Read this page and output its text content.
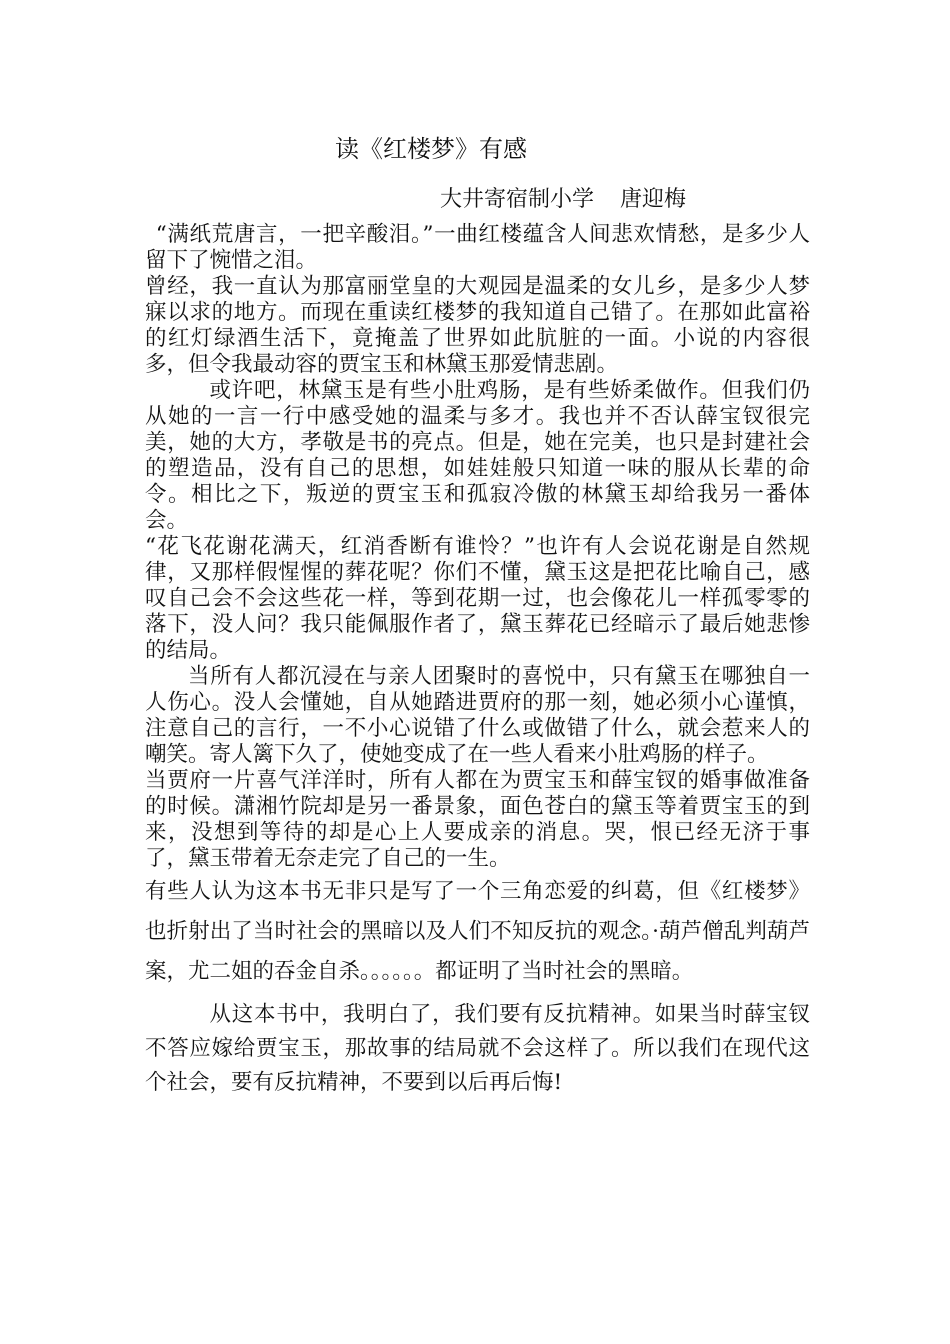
读《红楼梦》有感
大井寄宿制小学 唐迎梅

“满纸荒唐言，一把辛酸泪。”一曲红楼蕴含人间悲欢情愁，是多少人留下了惋惜之泪。

曾经，我一直认为那富丽堂皇的大观园是温柔的女儿乡，是多少人梦寐以求的地方。而现在重读红楼梦的我知道自己错了。在那如此富裕的红灯绿酒生活下，竟掩盖了世界如此肮脏的一面。小说的内容很多，但令我最动容的贾宝玉和林黛玉那爱情悲剧。

或许吧，林黛玉是有些小肚鸡肠，是有些娇柔做作。但我们仍从她的一言一行中感受她的温柔与多才。我也并不否认薛宝钗很完美，她的大方，孝敬是书的亮点。但是，她在完美，也只是封建社会的塑造品，没有自己的思想，如娃娃般只知道一味的服从长辈的命令。相比之下，叛逆的贾宝玉和孤寂冷傲的林黛玉却给我另一番体会。

“花飞花谢花满天，红消香断有谁怜？”也许有人会说花谢是自然规律，又那样假惺惺的葬花呢？你们不懂，黛玉这是把花比喻自己，感叹自己会不会这些花一样，等到花期一过，也会像花儿一样孤零零的落下，没人问？我只能佩服作者了，黛玉葬花已经暗示了最后她悲惨的结局。

当所有人都沉浸在与亲人团聚时的喜悦中，只有黛玉在哪独自一人伤心。没人会懂她，自从她踏进贾府的那一刻，她必须小心谨慎，注意自己的言行，一不小心说错了什么或做错了什么，就会惹来人的嘲笑。寄人篱下久了，使她变成了在一些人看来小肚鸡肠的样子。

当贾府一片喜气洋洋时，所有人都在为贾宝玉和薛宝钗的婚事做准备的时候。潇湘竹院却是另一番景象，面色苍白的黛玉等着贾宝玉的到来，没想到等待的却是心上人要成亲的消息。哭，恨已经无济于事了，黛玉带着无奈走完了自己的一生。

有些人认为这本书无非只是写了一个三角恋爱的纠葛，但《红楼梦》也折射出了当时社会的黑暗以及人们不知反抗的观念。·葫芦僧乱判葫芦案，尤二姐的吞金自杀。。。。。。都证明了当时社会的黑暗。

从这本书中，我明白了，我们要有反抗精神。如果当时薛宝钗不答应嫁给贾宝玉，那故事的结局就不会这样了。所以我们在现代这个社会，要有反抗精神，不要到以后再后悔!
